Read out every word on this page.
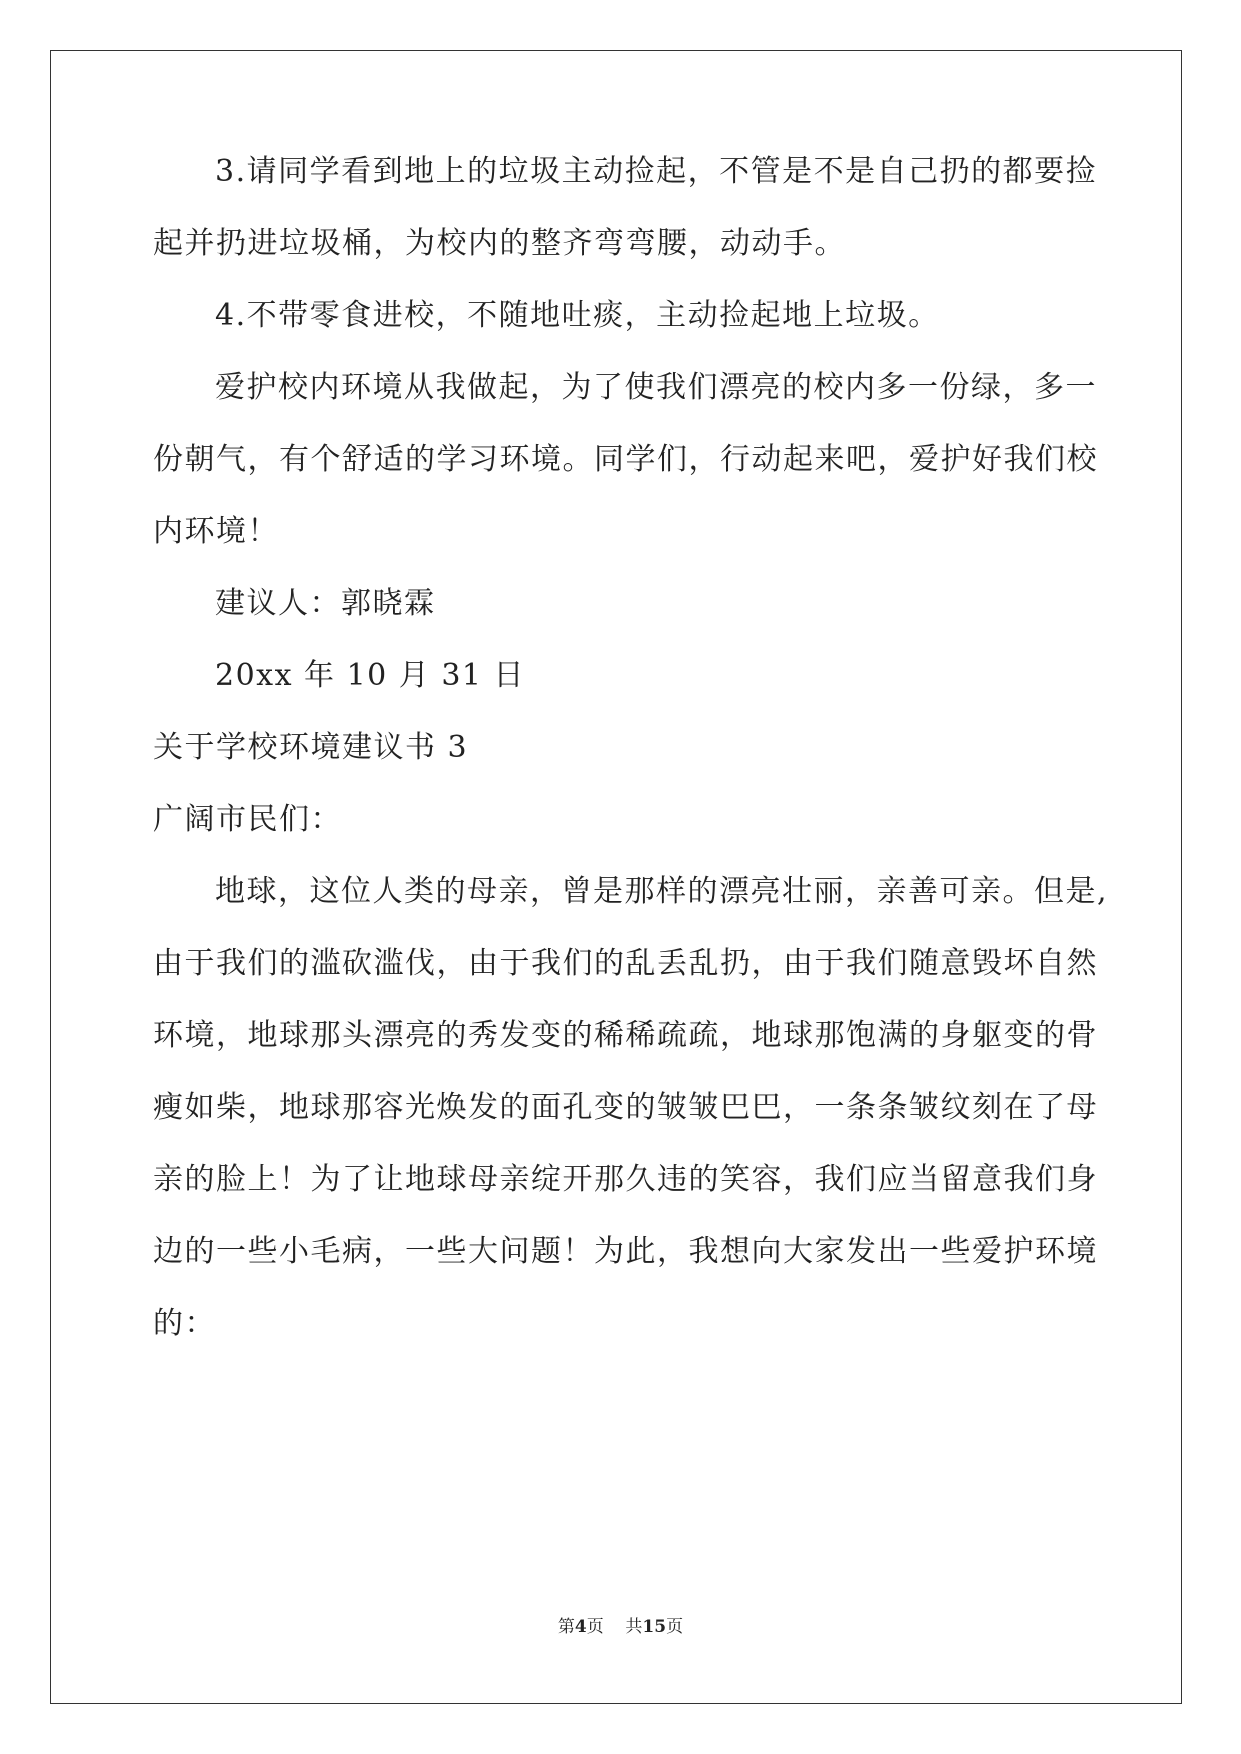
3.请同学看到地上的垃圾主动捡起，不管是不是自己扔的都要捡
起并扔进垃圾桶，为校内的整齐弯弯腰，动动手。
4.不带零食进校，不随地吐痰，主动捡起地上垃圾。
爱护校内环境从我做起，为了使我们漂亮的校内多一份绿，多一
份朝气，有个舒适的学习环境。同学们，行动起来吧，爱护好我们校
内环境！
建议人：郭晓霖
20xx 年 10 月 31 日
关于学校环境建议书 3
广阔市民们：
地球，这位人类的母亲，曾是那样的漂亮壮丽，亲善可亲。但是,
由于我们的滥砍滥伐，由于我们的乱丢乱扔，由于我们随意毁坏自然
环境，地球那头漂亮的秀发变的稀稀疏疏，地球那饱满的身躯变的骨
瘦如柴，地球那容光焕发的面孔变的皱皱巴巴，一条条皱纹刻在了母
亲的脸上！为了让地球母亲绽开那久违的笑容，我们应当留意我们身
边的一些小毛病，一些大问题！为此，我想向大家发出一些爱护环境
的：
第4页 共15页
